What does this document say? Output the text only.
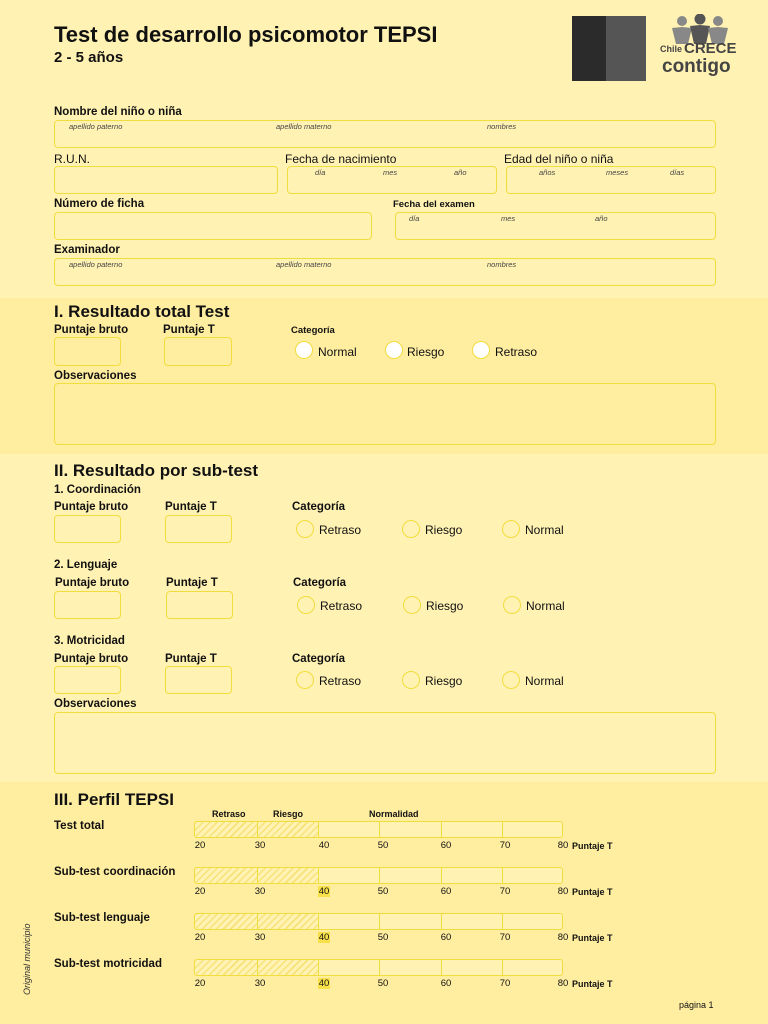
Test de desarrollo psicomotor TEPSI
2 - 5 años	Chile CRECE
contigo
Nombre del niño o niña
apellido paterno	apellido materno	nombres
R.U.N.	Fecha de nacimiento
día	mes	año
Edad del niño o niña
años	meses	días
Número de ficha	Fecha del examen
día	mes	año
Examinador
apellido paterno	apellido materno	nombres
I. Resultado total Test
Puntaje bruto	Puntaje T	Categoría
Normal	Riesgo	Retraso
Observaciones
II. Resultado por sub-test
1. Coordinación
Puntaje bruto	Puntaje T	Categoría
Retraso	Riesgo	Normal
2. Lenguaje
Puntaje bruto	Puntaje T	Categoría
Retraso	Riesgo	Normal
3. Motricidad
Puntaje bruto	Puntaje T	Categoría
Retraso	Riesgo	Normal
Observaciones
III. Perfil TEPSI
Retraso	Riesgo	Normalidad
Test total
20	30	40	50	60	70	80 Puntaje T
Sub-test coordinación
20	30	40	50	60	70	80 Puntaje T
Sub-test lenguaje
20	30	40	50	60	70	80 Puntaje T
Sub-test motricidad
20	30	40	50	60	70	80 Puntaje T
Original municipio
página 1
